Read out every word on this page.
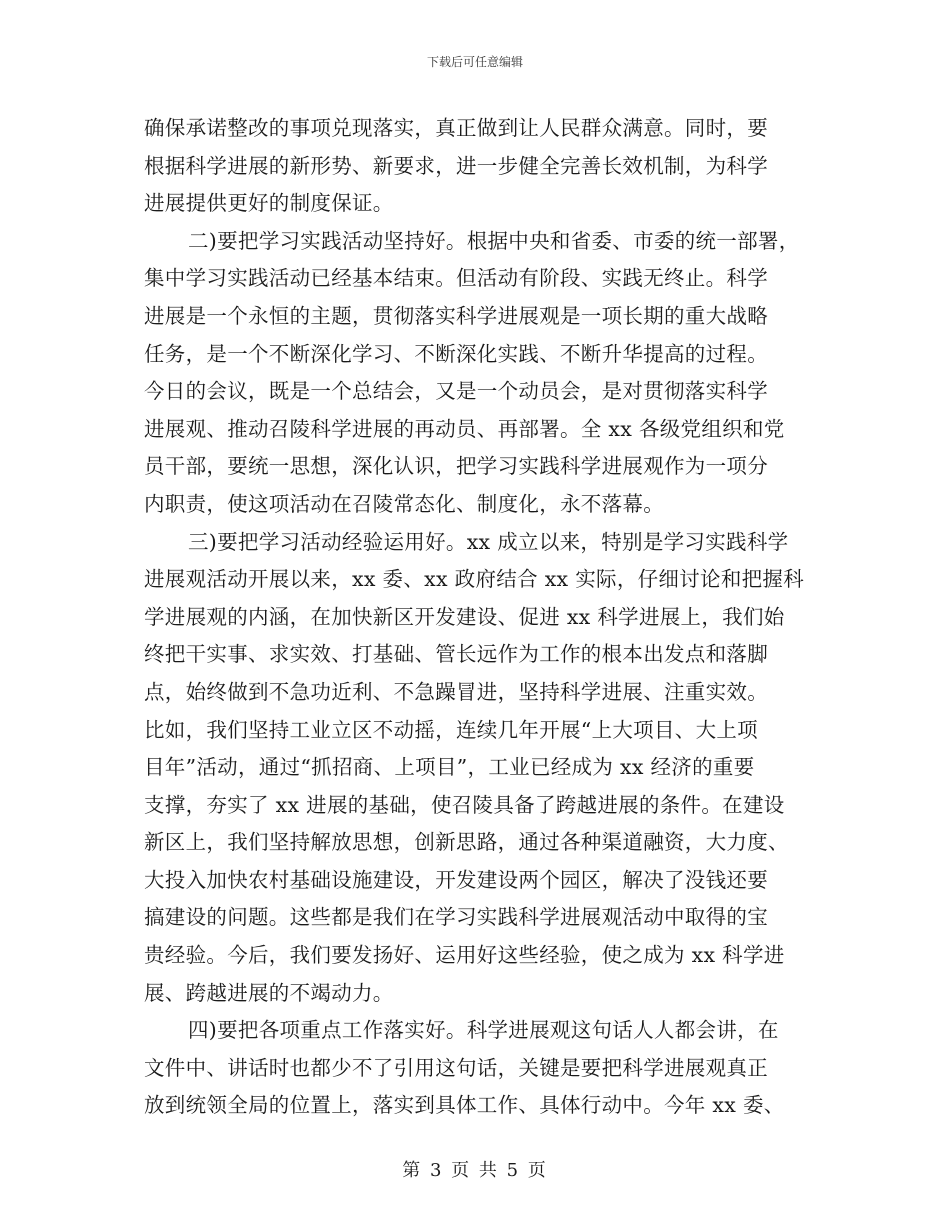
下载后可任意编辑
确保承诺整改的事项兑现落实，真正做到让人民群众满意。同时，要
根据科学进展的新形势、新要求，进一步健全完善长效机制，为科学
进展提供更好的制度保证。
二)要把学习实践活动坚持好。根据中央和省委、市委的统一部署，
集中学习实践活动已经基本结束。但活动有阶段、实践无终止。科学
进展是一个永恒的主题，贯彻落实科学进展观是一项长期的重大战略
任务，是一个不断深化学习、不断深化实践、不断升华提高的过程。
今日的会议，既是一个总结会，又是一个动员会，是对贯彻落实科学
进展观、推动召陵科学进展的再动员、再部署。全 xx 各级党组织和党
员干部，要统一思想，深化认识，把学习实践科学进展观作为一项分
内职责，使这项活动在召陵常态化、制度化，永不落幕。
三)要把学习活动经验运用好。xx 成立以来，特别是学习实践科学
进展观活动开展以来，xx 委、xx 政府结合 xx 实际，仔细讨论和把握科
学进展观的内涵，在加快新区开发建设、促进 xx 科学进展上，我们始
终把干实事、求实效、打基础、管长远作为工作的根本出发点和落脚
点，始终做到不急功近利、不急躁冒进，坚持科学进展、注重实效。
比如，我们坚持工业立区不动摇，连续几年开展“上大项目、大上项
目年”活动，通过“抓招商、上项目”，工业已经成为 xx 经济的重要
支撑，夯实了 xx 进展的基础，使召陵具备了跨越进展的条件。在建设
新区上，我们坚持解放思想，创新思路，通过各种渠道融资，大力度、
大投入加快农村基础设施建设，开发建设两个园区，解决了没钱还要
搞建设的问题。这些都是我们在学习实践科学进展观活动中取得的宝
贵经验。今后，我们要发扬好、运用好这些经验，使之成为 xx 科学进
展、跨越进展的不竭动力。
四)要把各项重点工作落实好。科学进展观这句话人人都会讲，在
文件中、讲话时也都少不了引用这句话，关键是要把科学进展观真正
放到统领全局的位置上，落实到具体工作、具体行动中。今年 xx 委、
第 3 页 共 5 页
